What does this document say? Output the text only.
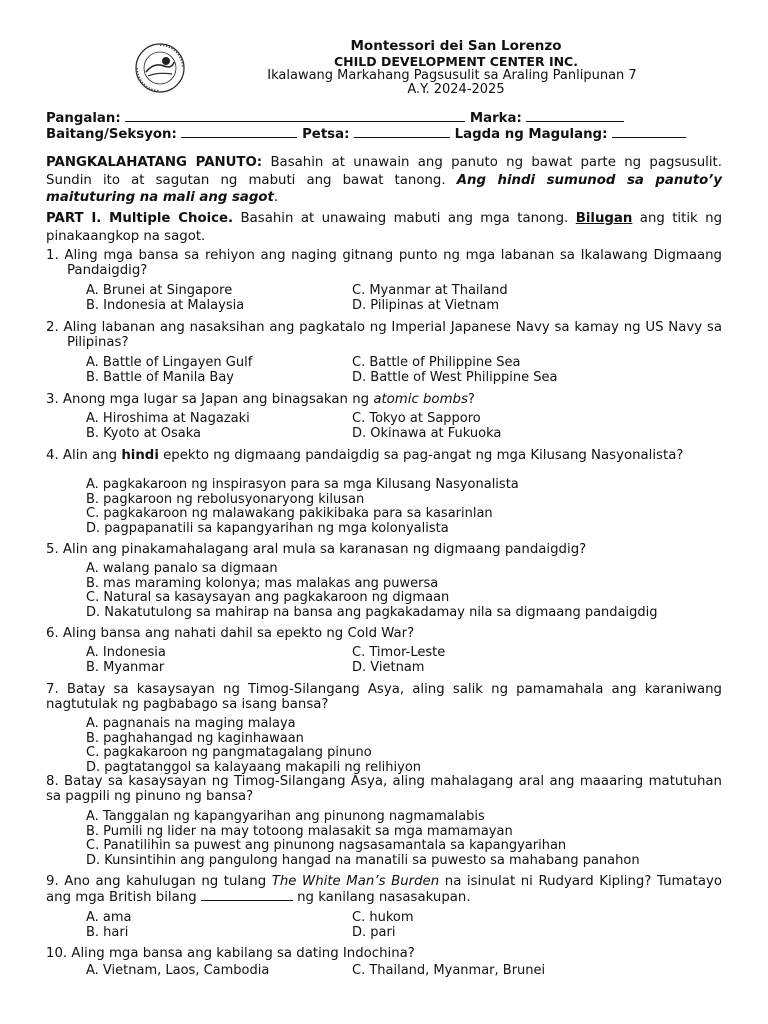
Montessori dei San Lorenzo
CHILD DEVELOPMENT CENTER INC.
Ikalawang Markahang Pagsusulit sa Araling Panlipunan 7
A.Y. 2024-2025
Pangalan:	Marka:
Baitang/Seksyon:	Petsa:	Lagda ng Magulang:
PANGKALAHATANG PANUTO: Basahin at unawain ang panuto ng bawat parte ng pagsusulit. Sundin ito at sagutan ng mabuti ang bawat tanong. Ang hindi sumunod sa panuto’y maituturing na mali ang sagot.
PART I. Multiple Choice. Basahin at unawaing mabuti ang mga tanong. Bilugan ang titik ng pinakaangkop na sagot.
1. Aling mga bansa sa rehiyon ang naging gitnang punto ng mga labanan sa Ikalawang Digmaang Pandaigdig?
A. Brunei at Singapore	C. Myanmar at Thailand
B. Indonesia at Malaysia	D. Pilipinas at Vietnam
2. Aling labanan ang nasaksihan ang pagkatalo ng Imperial Japanese Navy sa kamay ng US Navy sa Pilipinas?
A. Battle of Lingayen Gulf	C. Battle of Philippine Sea
B. Battle of Manila Bay	D. Battle of West Philippine Sea
3. Anong mga lugar sa Japan ang binagsakan ng atomic bombs?
A. Hiroshima at Nagazaki	C. Tokyo at Sapporo
B. Kyoto at Osaka	D. Okinawa at Fukuoka
4. Alin ang hindi epekto ng digmaang pandaigdig sa pag-angat ng mga Kilusang Nasyonalista?
A. pagkakaroon ng inspirasyon para sa mga Kilusang Nasyonalista
B. pagkaroon ng rebolusyonaryong kilusan
C. pagkakaroon ng malawakang pakikibaka para sa kasarinlan
D. pagpapanatili sa kapangyarihan ng mga kolonyalista
5. Alin ang pinakamahalagang aral mula sa karanasan ng digmaang pandaigdig?
A. walang panalo sa digmaan
B. mas maraming kolonya; mas malakas ang puwersa
C. Natural sa kasaysayan ang pagkakaroon ng digmaan
D. Nakatutulong sa mahirap na bansa ang pagkakadamay nila sa digmaang pandaigdig
6. Aling bansa ang nahati dahil sa epekto ng Cold War?
A. Indonesia	C. Timor-Leste
B. Myanmar	D. Vietnam
7. Batay sa kasaysayan ng Timog-Silangang Asya, aling salik ng pamamahala ang karaniwang nagtutulak ng pagbabago sa isang bansa?
A. pagnanais na maging malaya
B. paghahangad ng kaginhawaan
C. pagkakaroon ng pangmatagalang pinuno
D. pagtatanggol sa kalayaang makapili ng relihiyon
8. Batay sa kasaysayan ng Timog-Silangang Asya, aling mahalagang aral ang maaaring matutuhan sa pagpili ng pinuno ng bansa?
A. Tanggalan ng kapangyarihan ang pinunong nagmamalabis
B. Pumili ng lider na may totoong malasakit sa mga mamamayan
C. Panatilihin sa puwest ang pinunong nagsasamantala sa kapangyarihan
D. Kunsintihin ang pangulong hangad na manatili sa puwesto sa mahabang panahon
9. Ano ang kahulugan ng tulang The White Man’s Burden na isinulat ni Rudyard Kipling? Tumatayo ang mga British bilang	ng kanilang nasasakupan.
A. ama	C. hukom
B. hari	D. pari
10. Aling mga bansa ang kabilang sa dating Indochina?
A. Vietnam, Laos, Cambodia	C. Thailand, Myanmar, Brunei
